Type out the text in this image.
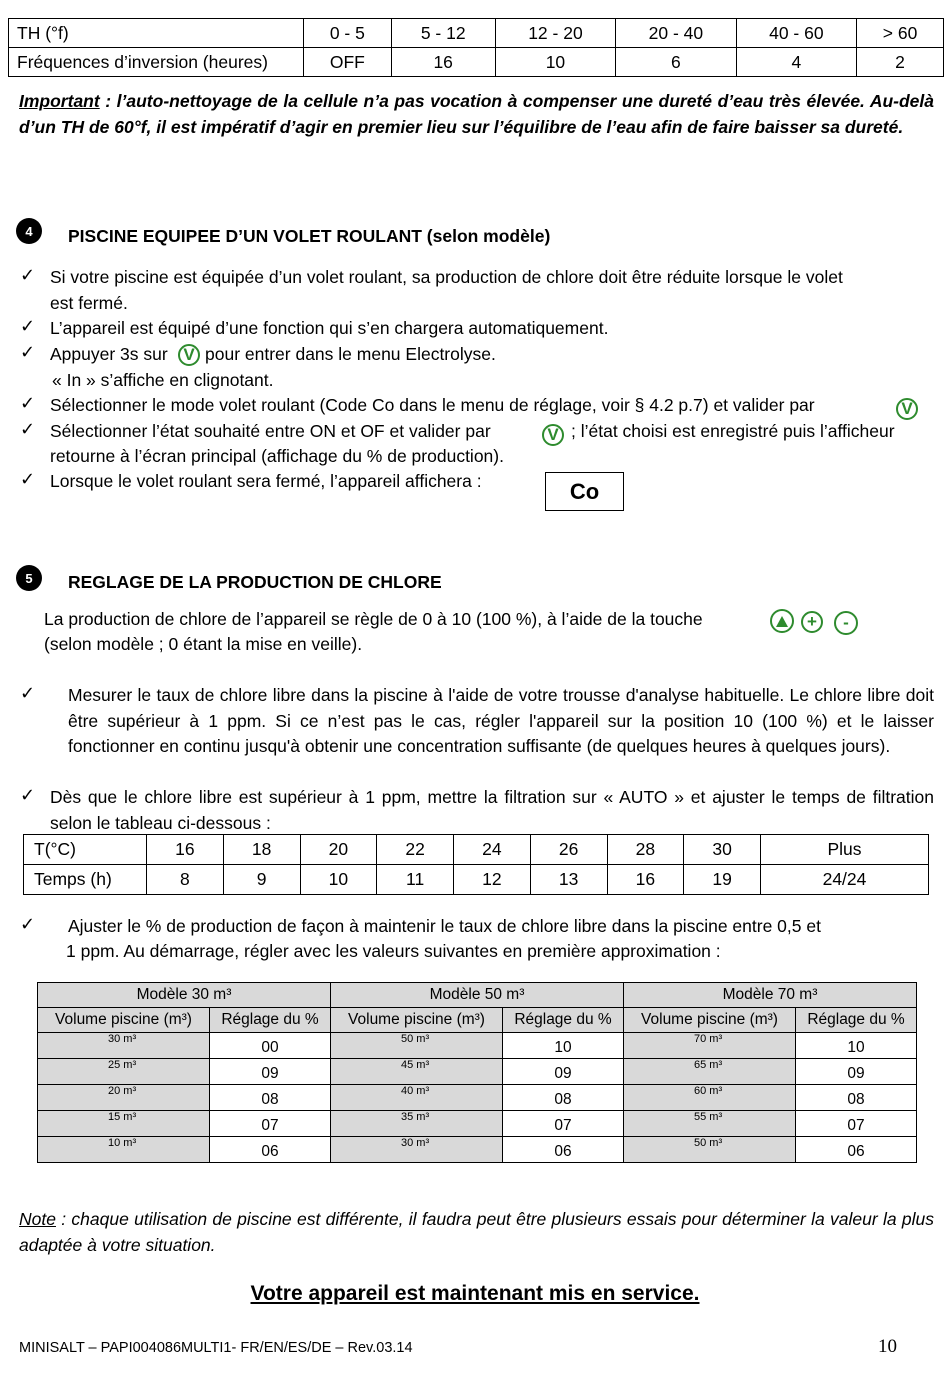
TH (°f)	0 - 5	5 - 12	12 - 20	20 - 40	40 - 60	> 60
Fréquences d’inversion (heures)	OFF	16	10	6	4	2
Important : l’auto-nettoyage de la cellule n’a pas vocation à compenser une dureté d’eau très élevée. Au-delà d’un TH de 60°f, il est impératif d’agir en premier lieu sur l’équilibre de l’eau afin de faire baisser sa dureté.
4	PISCINE EQUIPEE D’UN VOLET ROULANT (selon modèle)
✓ Si votre piscine est équipée d’un volet roulant, sa production de chlore doit être réduite lorsque le volet
est fermé.
✓ L’appareil est équipé d’une fonction qui s’en chargera automatiquement.
✓ Appuyer 3s sur V pour entrer dans le menu Electrolyse.
« In » s’affiche en clignotant.
✓ Sélectionner le mode volet roulant (Code Co dans le menu de réglage, voir § 4.2 p.7) et valider par	V
✓ Sélectionner l’état souhaité entre ON et OF et valider par	V ; l’état choisi est enregistré puis l’afficheur
retourne à l’écran principal (affichage du % de production).
✓ Lorsque le volet roulant sera fermé, l’appareil affichera :	Co
5	REGLAGE DE LA PRODUCTION DE CHLORE
La production de chlore de l’appareil se règle de 0 à 10 (100 %), à l’aide de la touche
(selon modèle ; 0 étant la mise en veille).
+	-
✓ Mesurer le taux de chlore libre dans la piscine à l'aide de votre trousse d'analyse habituelle. Le chlore libre doit être supérieur à 1 ppm. Si ce n’est pas le cas, régler l'appareil sur la position 10 (100 %) et le laisser fonctionner en continu jusqu'à obtenir une concentration suffisante (de quelques heures à quelques jours).
✓ Dès que le chlore libre est supérieur à 1 ppm, mettre la filtration sur « AUTO » et ajuster le temps de filtration selon le tableau ci-dessous :
T(°C)	16	18	20	22	24	26	28	30	Plus
Temps (h)	8	9	10	11	12	13	16	19	24/24
✓ Ajuster le % de production de façon à maintenir le taux de chlore libre dans la piscine entre 0,5 et
1 ppm. Au démarrage, régler avec les valeurs suivantes en première approximation :
Modèle 30 m³		Modèle 50 m³		Modèle 70 m³	
Volume piscine (m³)	Réglage du %	Volume piscine (m³)	Réglage du %	Volume piscine (m³)	Réglage du %
30 m³	00	50 m³	10	70 m³	10
25 m³	09	45 m³	09	65 m³	09
20 m³	08	40 m³	08	60 m³	08
15 m³	07	35 m³	07	55 m³	07
10 m³	06	30 m³	06	50 m³	06
Note : chaque utilisation de piscine est différente, il faudra peut être plusieurs essais pour déterminer la valeur la plus adaptée à votre situation.
Votre appareil est maintenant mis en service.
MINISALT – PAPI004086MULTI1- FR/EN/ES/DE – Rev.03.14	10
